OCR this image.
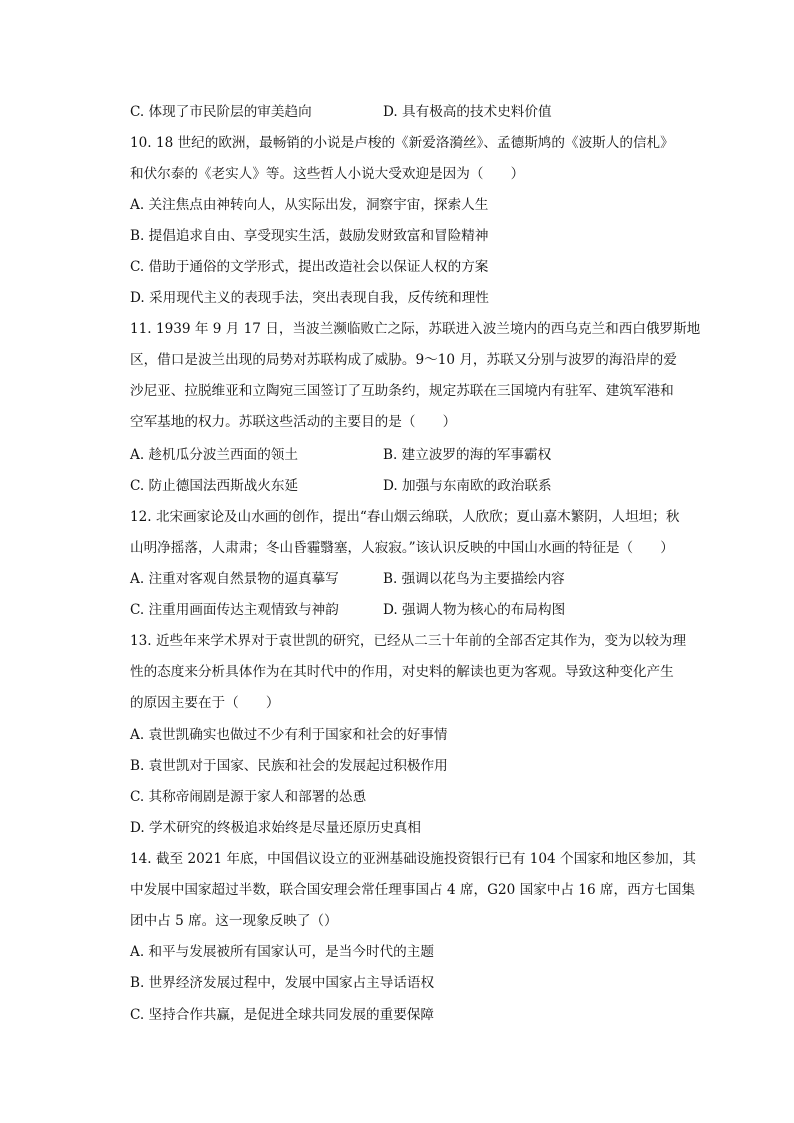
C. 体现了市民阶层的审美趋向	D. 具有极高的技术史料价值
10. 18 世纪的欧洲，最畅销的小说是卢梭的《新爱洛漪丝》、孟德斯鸠的《波斯人的信札》
和伏尔泰的《老实人》等。这些哲人小说大受欢迎是因为（　　）
A. 关注焦点由神转向人，从实际出发，洞察宇宙，探索人生
B. 提倡追求自由、享受现实生活，鼓励发财致富和冒险精神
C. 借助于通俗的文学形式，提出改造社会以保证人权的方案
D. 采用现代主义的表现手法，突出表现自我，反传统和理性
11. 1939 年 9 月 17 日，当波兰濒临败亡之际，苏联进入波兰境内的西乌克兰和西白俄罗斯地
区，借口是波兰出现的局势对苏联构成了威胁。9～10 月，苏联又分别与波罗的海沿岸的爱
沙尼亚、拉脱维亚和立陶宛三国签订了互助条约，规定苏联在三国境内有驻军、建筑军港和
空军基地的权力。苏联这些活动的主要目的是（　　）
A. 趁机瓜分波兰西面的领土	B. 建立波罗的海的军事霸权
C. 防止德国法西斯战火东延	D. 加强与东南欧的政治联系
12. 北宋画家论及山水画的创作，提出“春山烟云绵联，人欣欣；夏山嘉木繁阴，人坦坦；秋
山明净摇落，人肃肃；冬山昏霾翳塞，人寂寂。”该认识反映的中国山水画的特征是（　　）
A. 注重对客观自然景物的逼真摹写	B. 强调以花鸟为主要描绘内容
C. 注重用画面传达主观情致与神韵	D. 强调人物为核心的布局构图
13. 近些年来学术界对于袁世凯的研究，已经从二三十年前的全部否定其作为，变为以较为理
性的态度来分析具体作为在其时代中的作用，对史料的解读也更为客观。导致这种变化产生
的原因主要在于（　　）
A. 袁世凯确实也做过不少有利于国家和社会的好事情
B. 袁世凯对于国家、民族和社会的发展起过积极作用
C. 其称帝闹剧是源于家人和部署的怂恿
D. 学术研究的终极追求始终是尽量还原历史真相
14. 截至 2021 年底，中国倡议设立的亚洲基础设施投资银行已有 104 个国家和地区参加，其
中发展中国家超过半数，联合国安理会常任理事国占 4 席，G20 国家中占 16 席，西方七国集
团中占 5 席。这一现象反映了（）
A. 和平与发展被所有国家认可，是当今时代的主题
B. 世界经济发展过程中，发展中国家占主导话语权
C. 坚持合作共赢，是促进全球共同发展的重要保障
